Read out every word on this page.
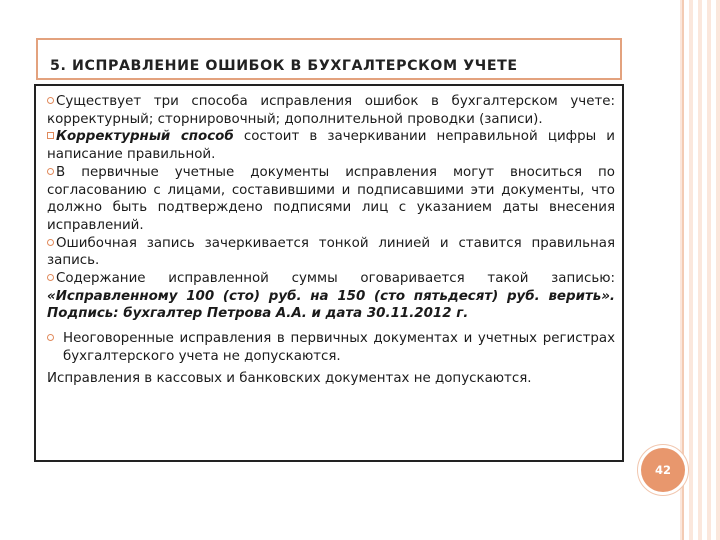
5. ИСПРАВЛЕНИЕ ОШИБОК В БУХГАЛТЕРСКОМ УЧЕТЕ

Существует три способа исправления ошибок в бухгалтерском учете: корректурный; сторнировочный; дополнительной проводки (записи).

Корректурный способ состоит в зачеркивании неправильной цифры и написание правильной.

В первичные учетные документы исправления могут вноситься по согласованию с лицами, составившими и подписавшими эти документы, что должно быть подтверждено подписями лиц с указанием даты внесения исправлений.

Ошибочная запись зачеркивается тонкой линией и ставится правильная запись.

Содержание исправленной суммы оговаривается такой записью: «Исправленному 100 (сто) руб. на 150 (сто пятьдесят) руб. верить». Подпись: бухгалтер Петрова А.А. и дата 30.11.2012 г.

Неоговоренные исправления в первичных документах и учетных регистрах бухгалтерского учета не допускаются.

Исправления в кассовых и банковских документах не допускаются.

42
